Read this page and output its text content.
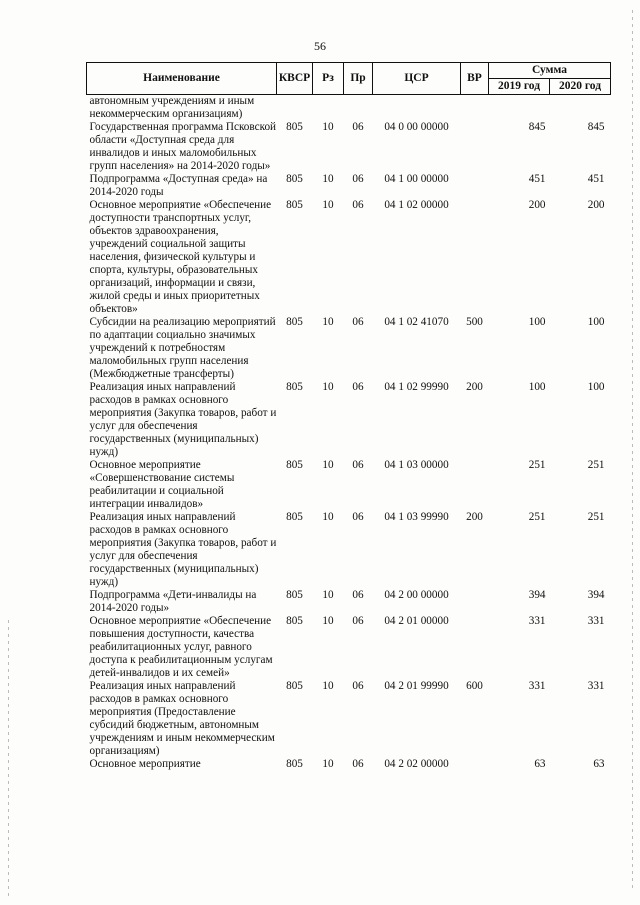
56
Наименование	КВСР	Рз	Пр	ЦСР	ВР	Сумма	
						2019 год	2020 год
автономным учреждениям и иным некоммерческим организациям)							
Государственная программа Псковской области «Доступная среда для инвалидов и иных маломобильных групп населения» на 2014-2020 годы»	805	10	06	04 0 00 00000		845	845
Подпрограмма «Доступная среда» на 2014-2020 годы	805	10	06	04 1 00 00000		451	451
Основное мероприятие «Обеспечение доступности транспортных услуг, объектов здравоохранения, учреждений социальной защиты населения, физической культуры и спорта, культуры, образовательных организаций, информации и связи, жилой среды и иных приоритетных объектов»	805	10	06	04 1 02 00000		200	200
Субсидии на реализацию мероприятий по адаптации социально значимых учреждений к потребностям маломобильных групп населения (Межбюджетные трансферты)	805	10	06	04 1 02 41070	500	100	100
Реализация иных направлений расходов в рамках основного мероприятия (Закупка товаров, работ и услуг для обеспечения государственных (муниципальных) нужд)	805	10	06	04 1 02 99990	200	100	100
Основное мероприятие «Совершенствование системы реабилитации и социальной интеграции инвалидов»	805	10	06	04 1 03 00000		251	251
Реализация иных направлений расходов в рамках основного мероприятия (Закупка товаров, работ и услуг для обеспечения государственных (муниципальных) нужд)	805	10	06	04 1 03 99990	200	251	251
Подпрограмма «Дети-инвалиды на 2014-2020 годы»	805	10	06	04 2 00 00000		394	394
Основное мероприятие «Обеспечение повышения доступности, качества реабилитационных услуг, равного доступа к реабилитационным услугам детей-инвалидов и их семей»	805	10	06	04 2 01 00000		331	331
Реализация иных направлений расходов в рамках основного мероприятия (Предоставление субсидий бюджетным, автономным учреждениям и иным некоммерческим организациям)	805	10	06	04 2 01 99990	600	331	331
Основное мероприятие	805	10	06	04 2 02 00000		63	63
